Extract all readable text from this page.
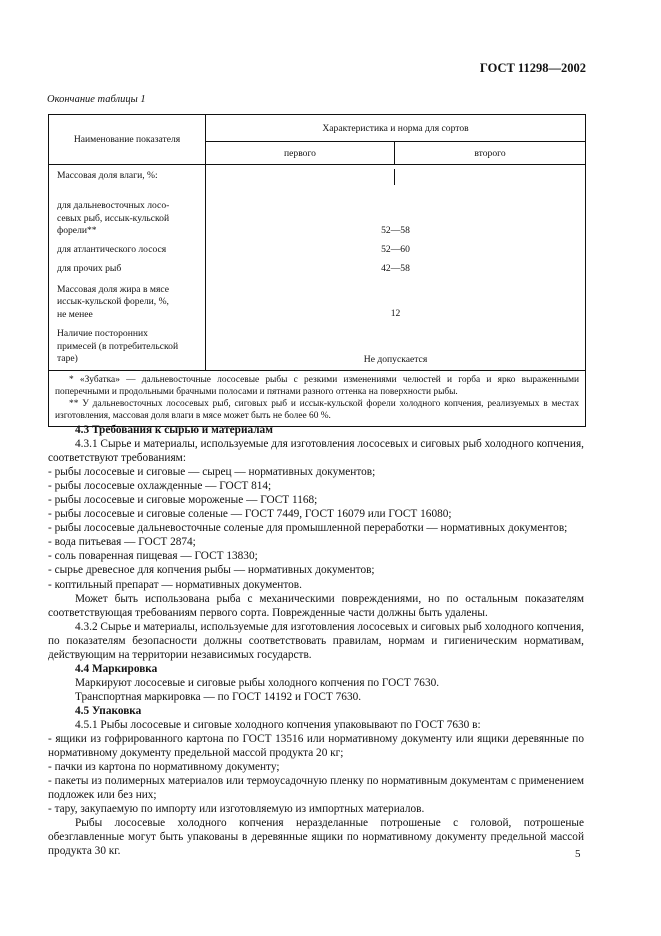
ГОСТ 11298—2002
Окончание таблицы 1
Наименование показателя	Характеристика и норма для сортов	
	первого	второго
Массовая доля влаги, %:		

для дальневосточных лосо-
севых рыб, иссык-кульской
форели**	52—58	
для атлантического лосося	52—60	
для прочих рыб	42—58	
Массовая доля жира в мясе
иссык-кульской форели, %,
не менее	12	
Наличие посторонних
примесей (в потребительской
таре)	Не допускается	

* «Зубатка» — дальневосточные лососевые рыбы с резкими изменениями челюстей и горба и ярко выраженными поперечными и продольными брачными полосами и пятнами разного оттенка на поверхности рыбы.

** У дальневосточных лососевых рыб, сиговых рыб и иссык-кульской форели холодного копчения, реализуемых в местах изготовления, массовая доля влаги в мясе может быть не более 60 %.		

4.3 Требования к сырью и материалам

4.3.1 Сырье и материалы, используемые для изготовления лососевых и сиговых рыб холодного копчения, соответствуют требованиям:

- рыбы лососевые и сиговые — сырец — нормативных документов;

- рыбы лососевые охлажденные — ГОСТ 814;

- рыбы лососевые и сиговые мороженые — ГОСТ 1168;

- рыбы лососевые и сиговые соленые — ГОСТ 7449, ГОСТ 16079 или ГОСТ 16080;

- рыбы лососевые дальневосточные соленые для промышленной переработки — нормативных документов;

- вода питьевая — ГОСТ 2874;

- соль поваренная пищевая — ГОСТ 13830;

- сырье древесное для копчения рыбы — нормативных документов;

- коптильный препарат — нормативных документов.

Может быть использована рыба с механическими повреждениями, но по остальным показателям соответствующая требованиям первого сорта. Поврежденные части должны быть удалены.

4.3.2 Сырье и материалы, используемые для изготовления лососевых и сиговых рыб холодного копчения, по показателям безопасности должны соответствовать правилам, нормам и гигиеническим нормативам, действующим на территории независимых государств.

4.4 Маркировка

Маркируют лососевые и сиговые рыбы холодного копчения по ГОСТ 7630.

Транспортная маркировка — по ГОСТ 14192 и ГОСТ 7630.

4.5 Упаковка

4.5.1 Рыбы лососевые и сиговые холодного копчения упаковывают по ГОСТ 7630 в:

- ящики из гофрированного картона по ГОСТ 13516 или нормативному документу или ящики деревянные по нормативному документу предельной массой продукта 20 кг;

- пачки из картона по нормативному документу;

- пакеты из полимерных материалов или термоусадочную пленку по нормативным документам с применением подложек или без них;

- тару, закупаемую по импорту или изготовляемую из импортных материалов.

Рыбы лососевые холодного копчения неразделанные потрошеные с головой, потрошеные обезглавленные могут быть упакованы в деревянные ящики по нормативному документу предельной массой продукта 30 кг.	5
